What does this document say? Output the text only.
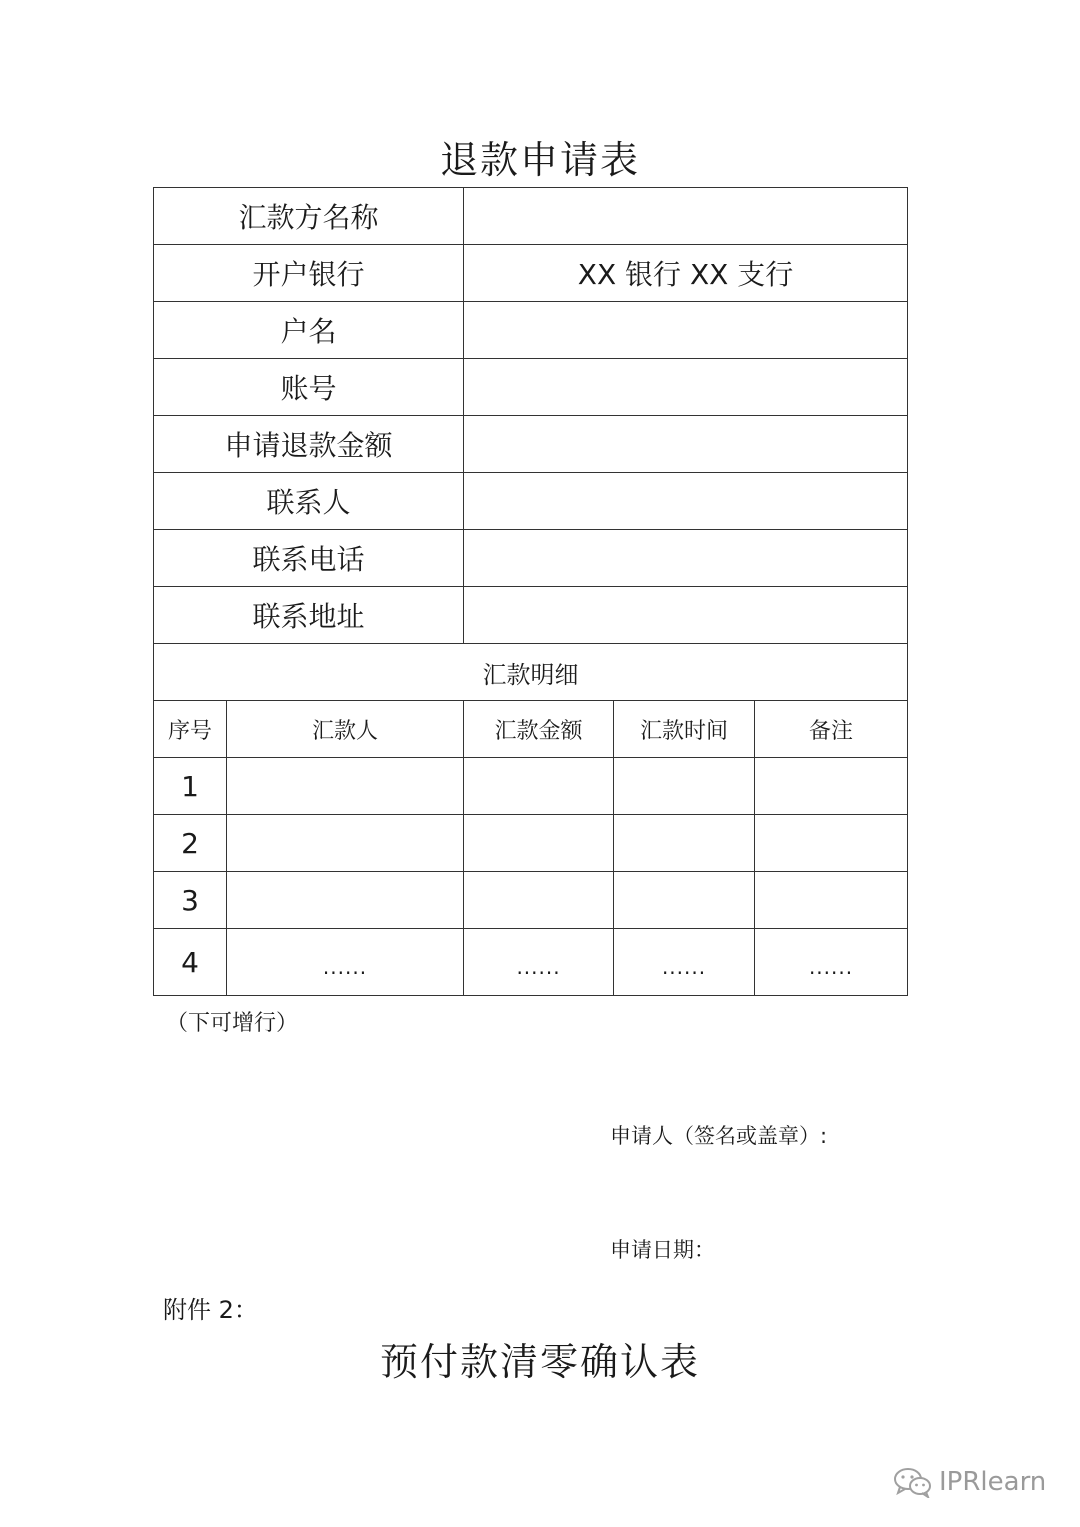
退款申请表
汇款方名称				
开户银行		XX 银行 XX 支行		
户名				
账号				
申请退款金额				
联系人				
联系电话				
联系地址				
汇款明细				
序号	汇款人	汇款金额	汇款时间	备注
1				
2				
3				
4	......	......	......	......
（下可增行）
申请人（签名或盖章）:
申请日期：
附件 2：
预付款清零确认表
IPRlearn
